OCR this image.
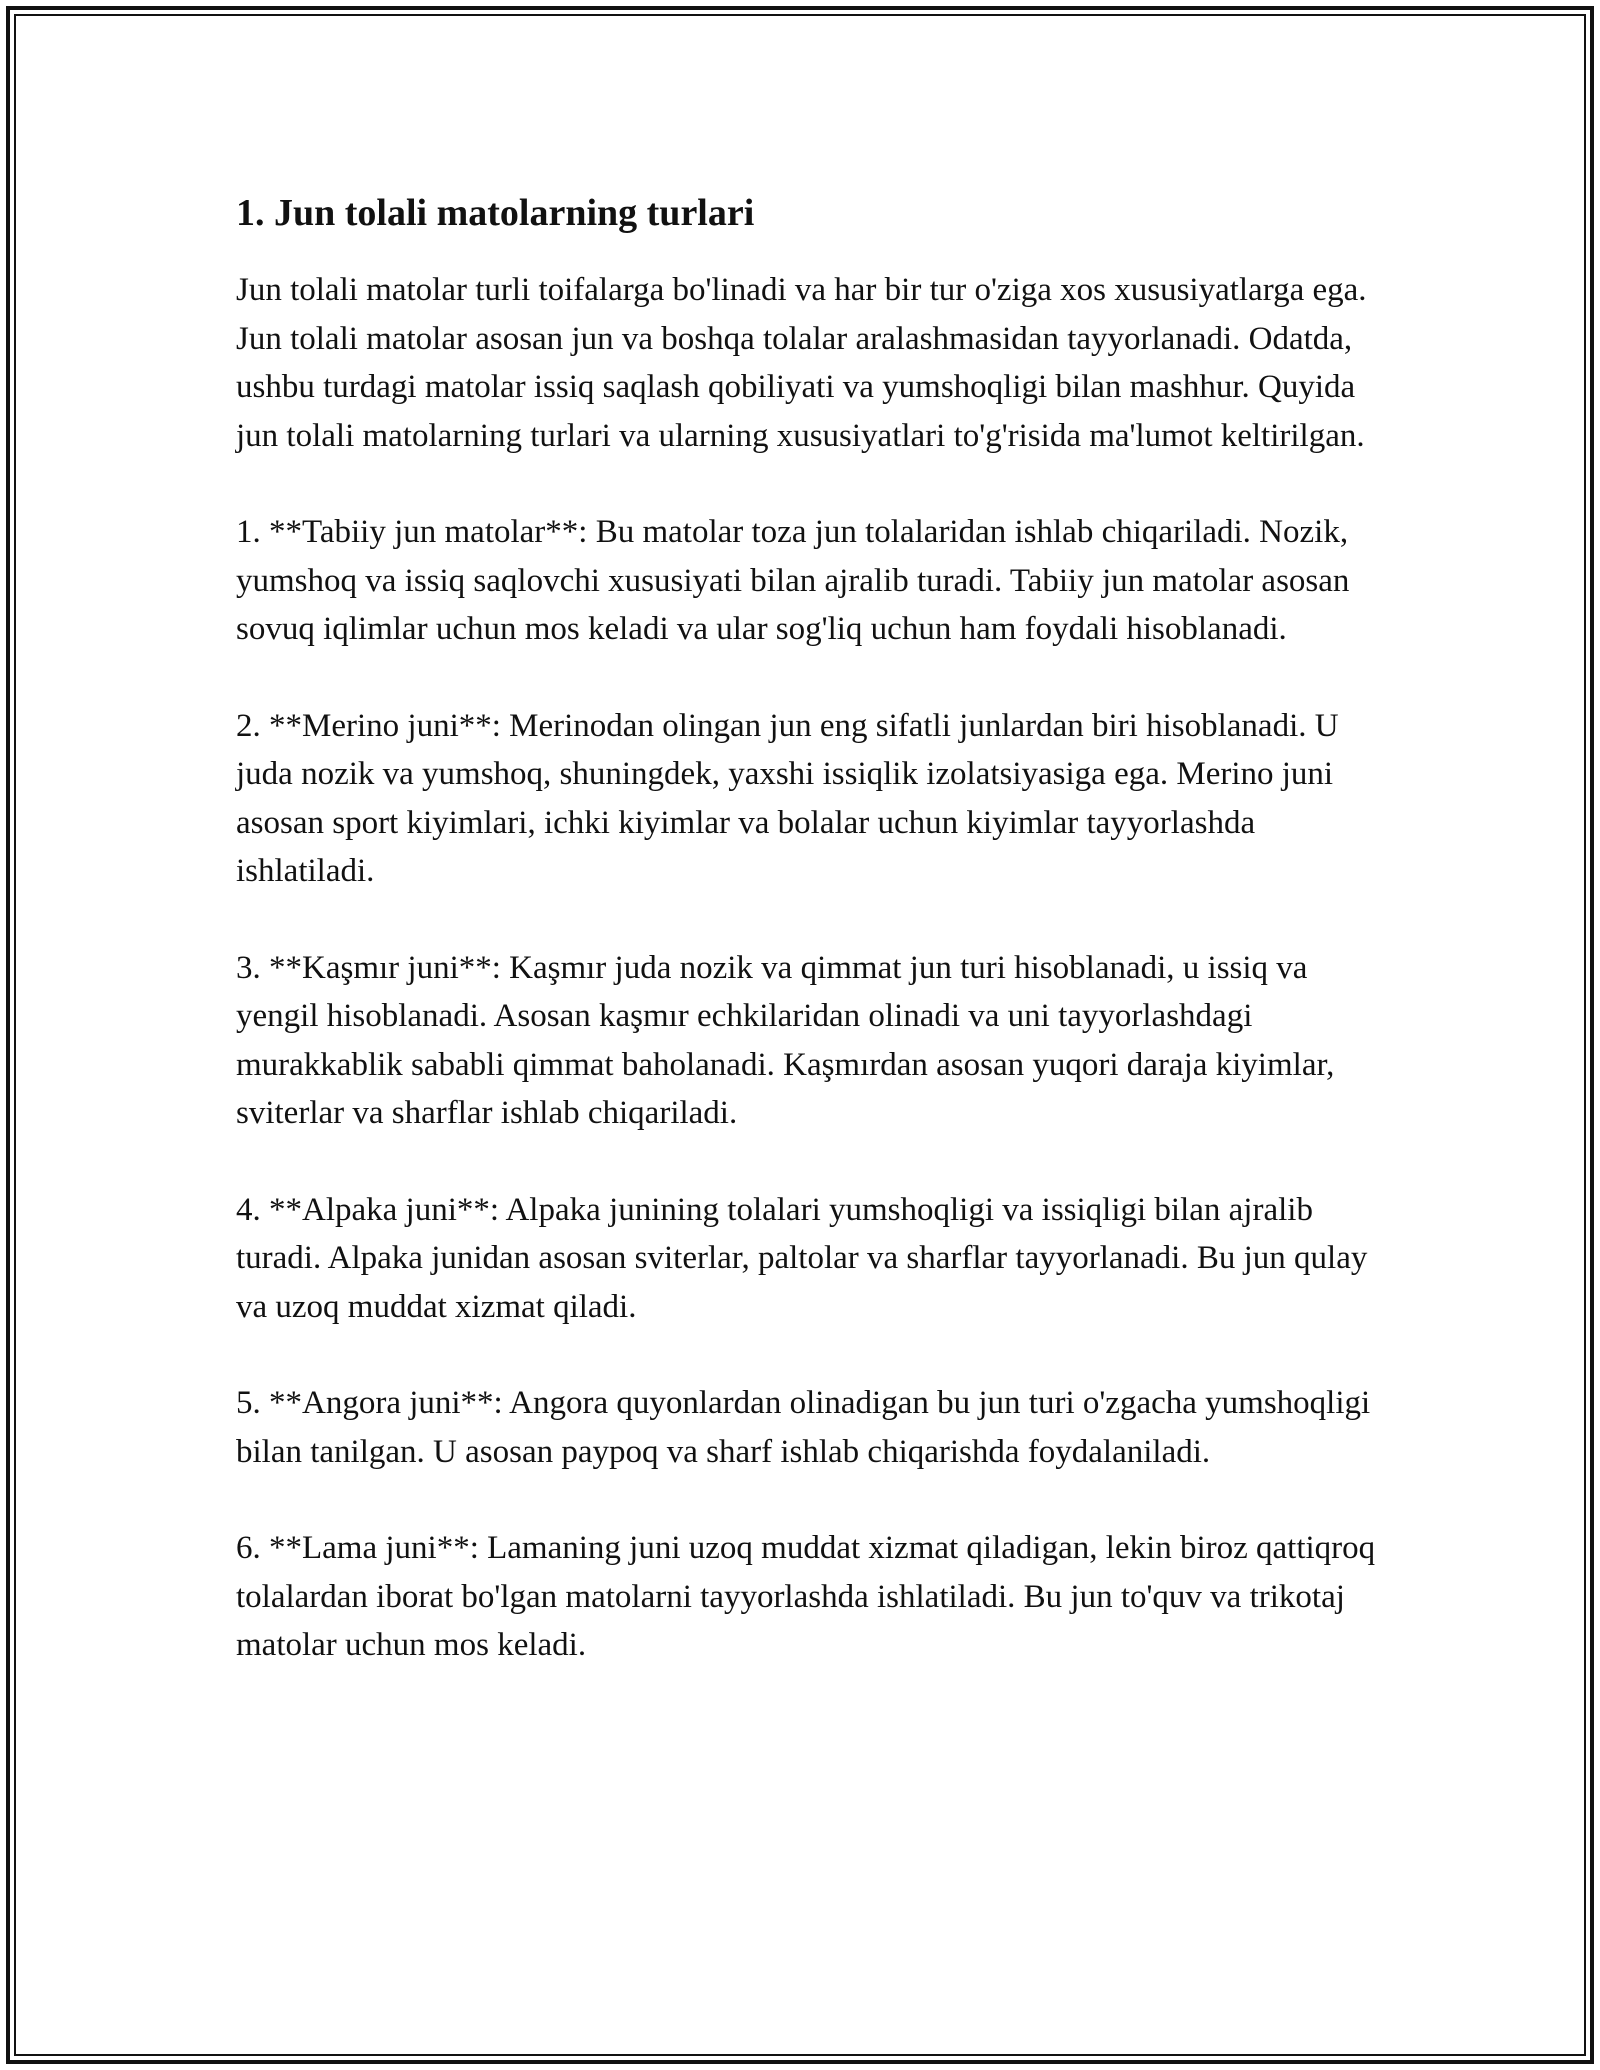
1. Jun tolali matolarning turlari

Jun tolali matolar turli toifalarga bo'linadi va har bir tur o'ziga xos xususiyatlarga ega. Jun tolali matolar asosan jun va boshqa tolalar aralashmasidan tayyorlanadi. Odatda, ushbu turdagi matolar issiq saqlash qobiliyati va yumshoqligi bilan mashhur. Quyida jun tolali matolarning turlari va ularning xususiyatlari to'g'risida ma'lumot keltirilgan.

1. **Tabiiy jun matolar**: Bu matolar toza jun tolalaridan ishlab chiqariladi. Nozik, yumshoq va issiq saqlovchi xususiyati bilan ajralib turadi. Tabiiy jun matolar asosan sovuq iqlimlar uchun mos keladi va ular sog'liq uchun ham foydali hisoblanadi.

2. **Merino juni**: Merinodan olingan jun eng sifatli junlardan biri hisoblanadi. U juda nozik va yumshoq, shuningdek, yaxshi issiqlik izolatsiyasiga ega. Merino juni asosan sport kiyimlari, ichki kiyimlar va bolalar uchun kiyimlar tayyorlashda ishlatiladi.

3. **Kaşmır juni**: Kaşmır juda nozik va qimmat jun turi hisoblanadi, u issiq va yengil hisoblanadi. Asosan kaşmır echkilaridan olinadi va uni tayyorlashdagi murakkablik sababli qimmat baholanadi. Kaşmırdan asosan yuqori daraja kiyimlar, sviterlar va sharflar ishlab chiqariladi.

4. **Alpaka juni**: Alpaka junining tolalari yumshoqligi va issiqligi bilan ajralib turadi. Alpaka junidan asosan sviterlar, paltolar va sharflar tayyorlanadi. Bu jun qulay va uzoq muddat xizmat qiladi.

5. **Angora juni**: Angora quyonlardan olinadigan bu jun turi o'zgacha yumshoqligi bilan tanilgan. U asosan paypoq va sharf ishlab chiqarishda foydalaniladi.

6. **Lama juni**: Lamaning juni uzoq muddat xizmat qiladigan, lekin biroz qattiqroq tolalardan iborat bo'lgan matolarni tayyorlashda ishlatiladi. Bu jun to'quv va trikotaj matolar uchun mos keladi.
